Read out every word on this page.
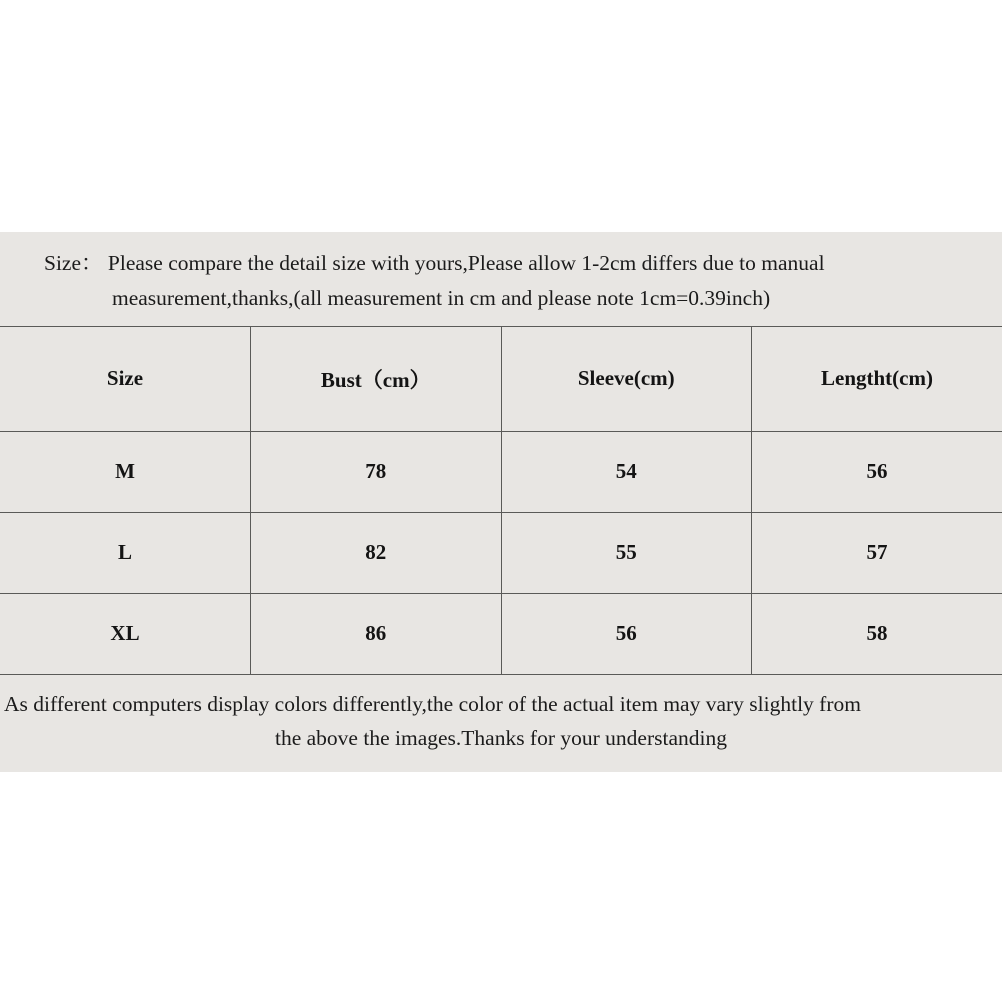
Size： Please compare the detail size with yours,Please allow 1-2cm differs due to manual
measurement,thanks,(all measurement in cm and please note 1cm=0.39inch)
Size	Bust（cm）	Sleeve(cm)	Lengtht(cm)
M	78	54	56
L	82	55	57
XL	86	56	58
As different computers display colors differently,the color of the actual item may vary slightly from
the above the images.Thanks for your understanding
